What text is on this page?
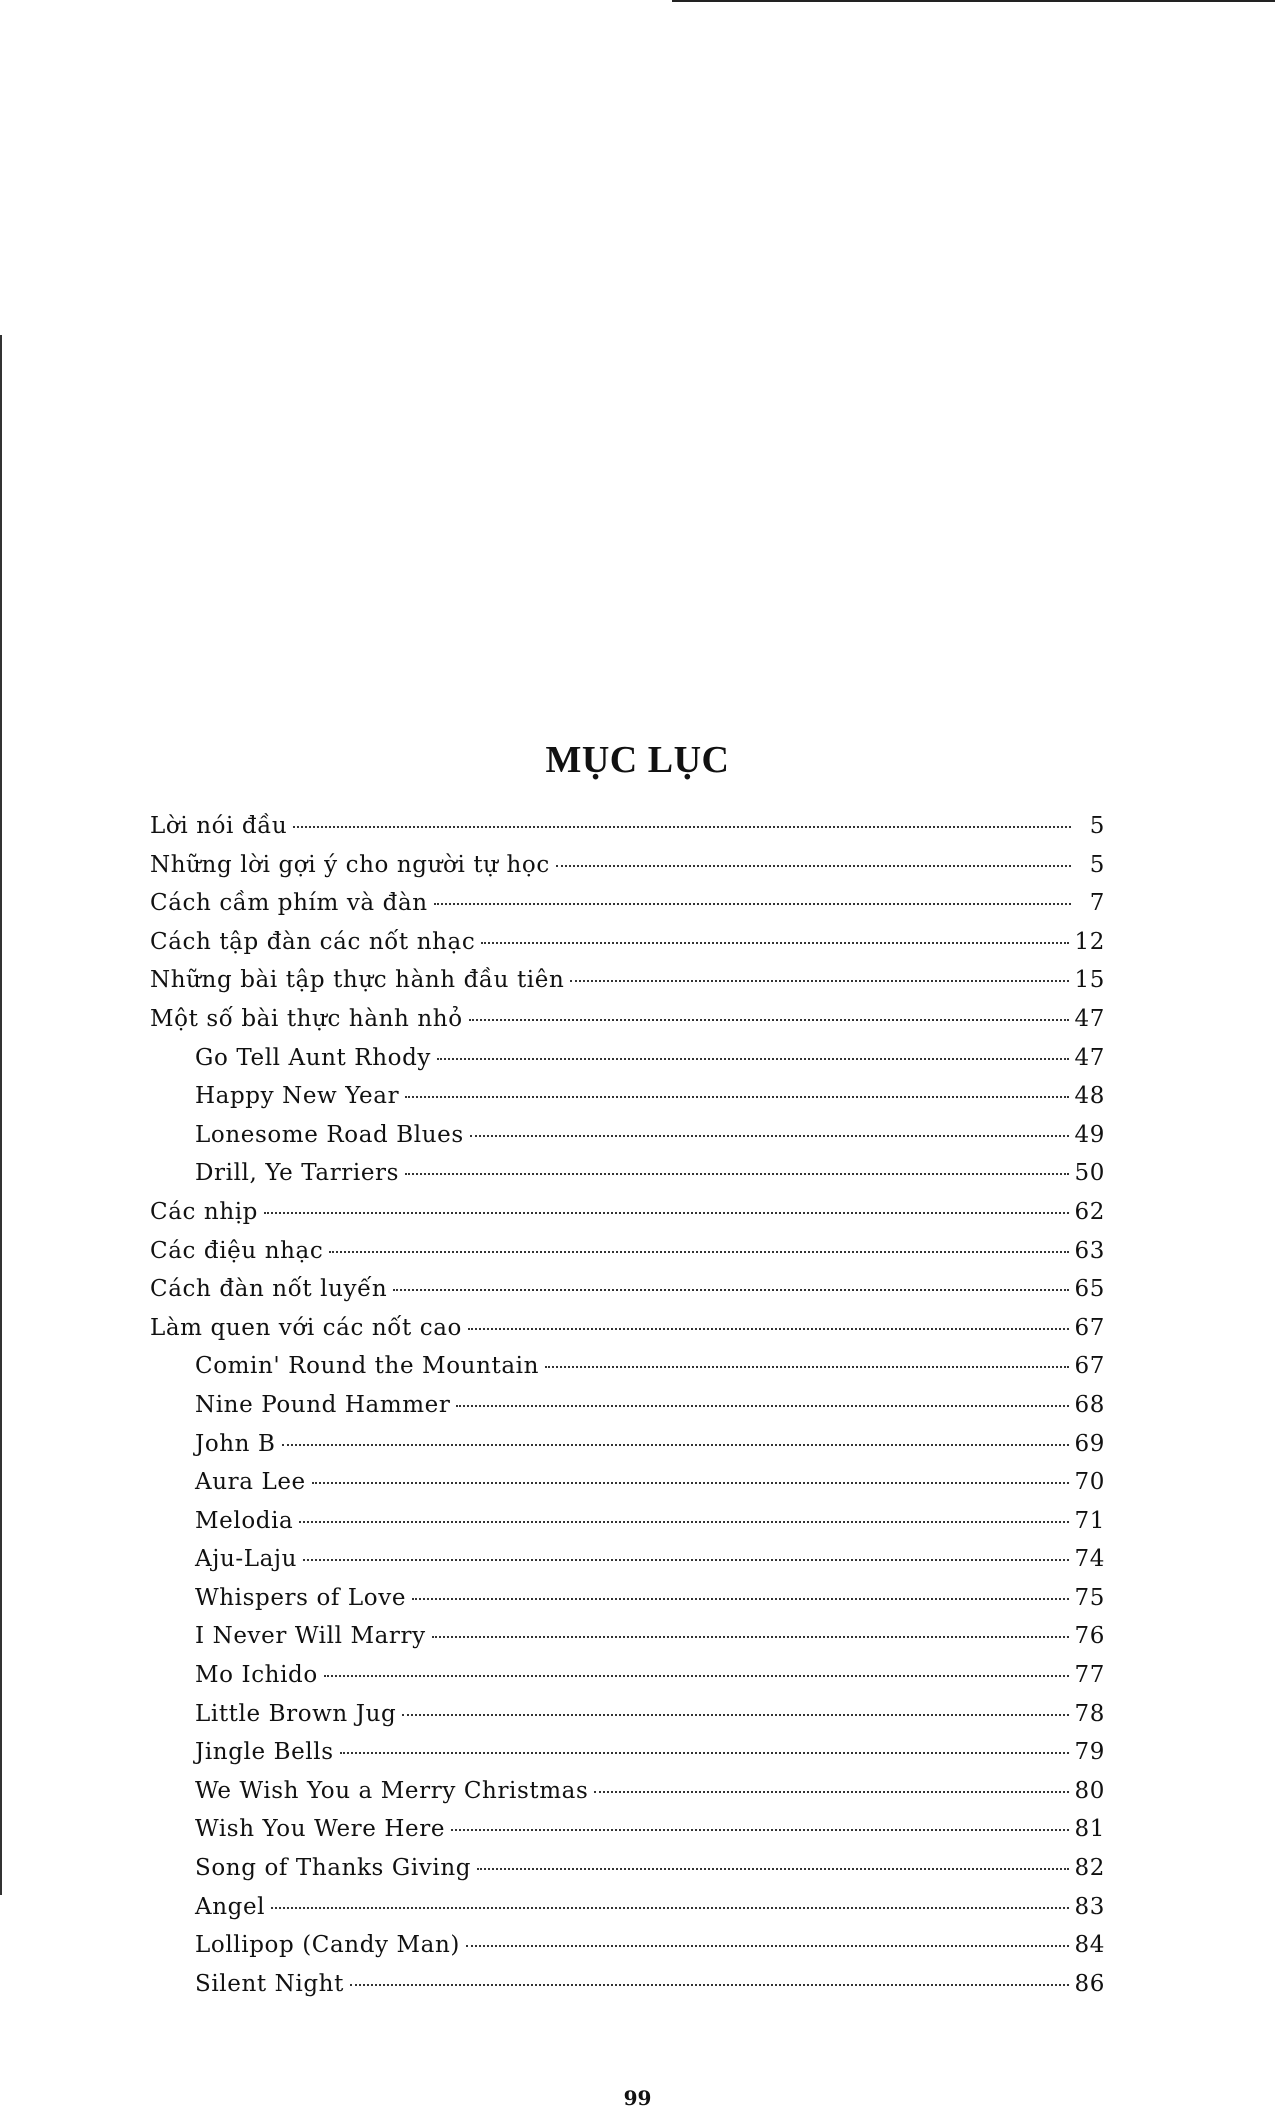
MỤC LỤC
Lời nói đầu	5
Những lời gợi ý cho người tự học	5
Cách cầm phím và đàn	7
Cách tập đàn các nốt nhạc	12
Những bài tập thực hành đầu tiên	15
Một số bài thực hành nhỏ	47
Go Tell Aunt Rhody	47
Happy New Year	48
Lonesome Road Blues	49
Drill, Ye Tarriers	50
Các nhịp	62
Các điệu nhạc	63
Cách đàn nốt luyến	65
Làm quen với các nốt cao	67
Comin' Round the Mountain	67
Nine Pound Hammer	68
John B	69
Aura Lee	70
Melodia	71
Aju-Laju	74
Whispers of Love	75
I Never Will Marry	76
Mo Ichido	77
Little Brown Jug	78
Jingle Bells	79
We Wish You a Merry Christmas	80
Wish You Were Here	81
Song of Thanks Giving	82
Angel	83
Lollipop (Candy Man)	84
Silent Night	86
99
